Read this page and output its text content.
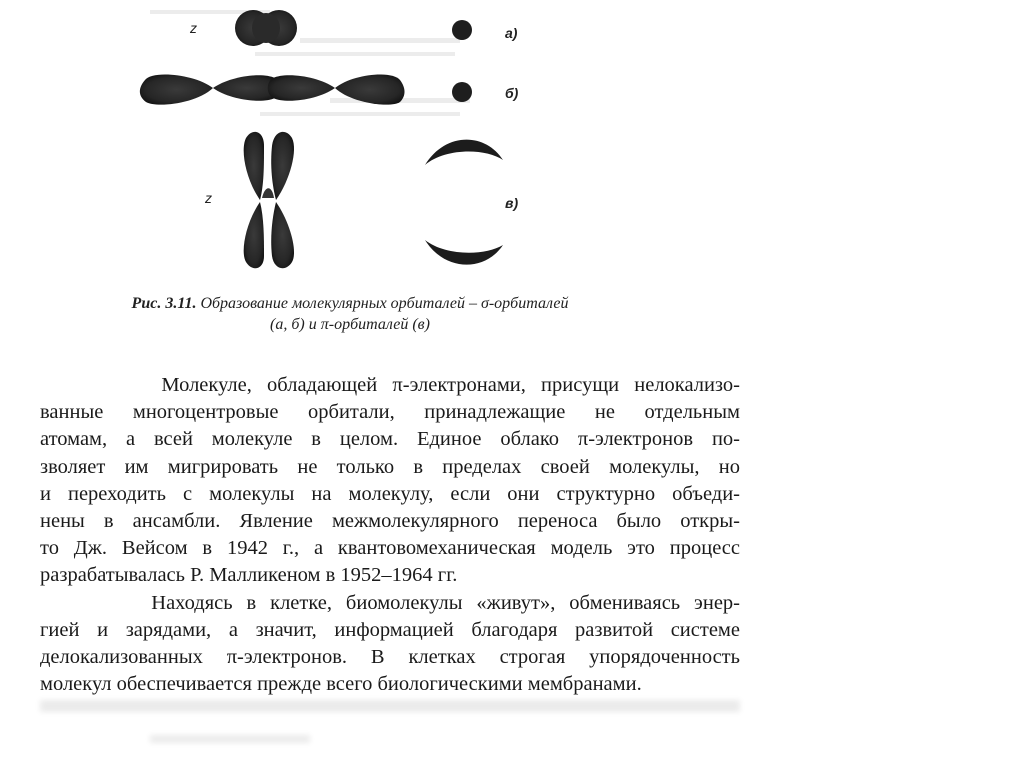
z
z
а)
б)
в)
Рис. 3.11. Образование молекулярных орбиталей – σ-орбиталей
(а, б) и π-орбиталей (в)
Молекуле, обладающей π-электронами, присущи нелокализо-
ванные многоцентровые орбитали, принадлежащие не отдельным
атомам, а всей молекуле в целом. Единое облако π-электронов по-
зволяет им мигрировать не только в пределах своей молекулы, но
и переходить с молекулы на молекулу, если они структурно объеди-
нены в ансамбли. Явление межмолекулярного переноса было откры-
то Дж. Вейсом в 1942 г., а квантовомеханическая модель это процесс
разрабатывалась Р. Малликеном в 1952–1964 гг.
Находясь в клетке, биомолекулы «живут», обмениваясь энер-
гией и зарядами, а значит, информацией благодаря развитой системе
делокализованных π-электронов. В клетках строгая упорядоченность
молекул обеспечивается прежде всего биологическими мембранами.
